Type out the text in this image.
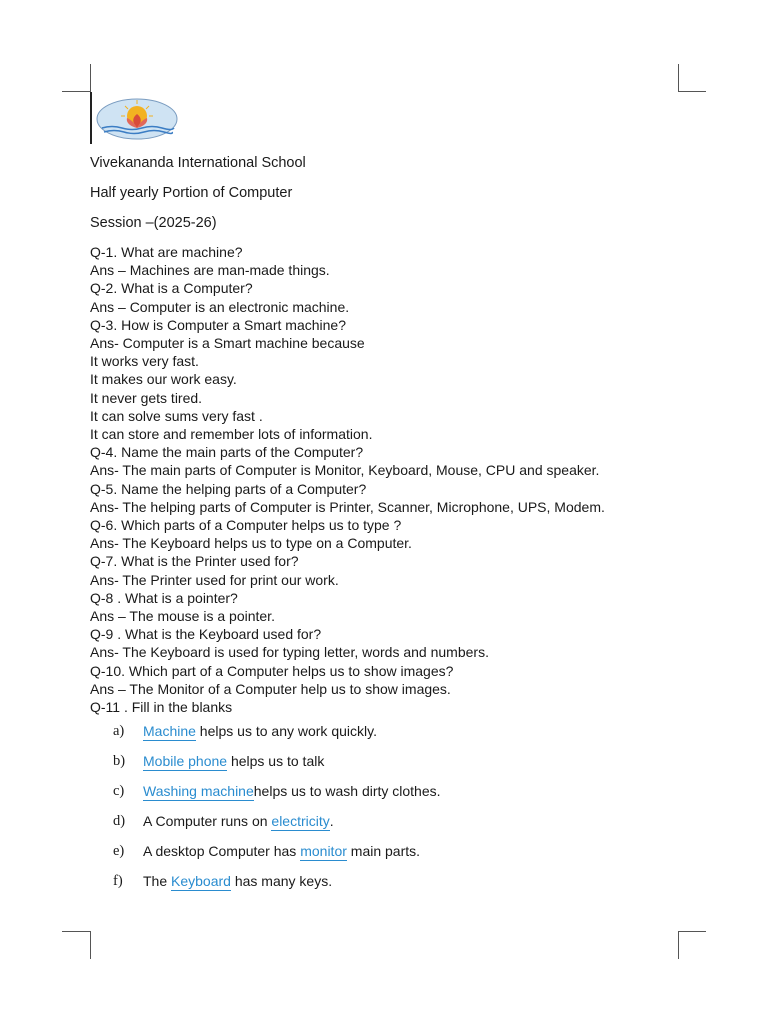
Vivekananda International School
Half yearly Portion of Computer
Session –(2025-26)
Q-1. What are machine?
Ans – Machines are man-made things.
Q-2. What is a Computer?
Ans – Computer is an electronic machine.
Q-3. How is Computer a Smart machine?
Ans- Computer is a Smart machine because
It works very fast.
It makes our work easy.
It never gets tired.
It can solve sums very fast .
It can store and remember lots of information.
Q-4. Name the main parts of the Computer?
Ans- The main parts of Computer is Monitor, Keyboard, Mouse, CPU and speaker.
Q-5. Name the helping parts of a Computer?
Ans- The helping parts of Computer is Printer, Scanner, Microphone, UPS, Modem.
Q-6. Which parts of a Computer helps us to type ?
Ans- The Keyboard helps us to type on a Computer.
Q-7. What is the Printer used for?
Ans- The Printer used for print our work.
Q-8 . What is a pointer?
Ans – The mouse is a pointer.
Q-9 . What is the Keyboard used for?
Ans- The Keyboard is used for typing letter, words and numbers.
Q-10. Which part of a Computer helps us to show images?
Ans – The Monitor of a Computer help us to show images.
Q-11 . Fill in the blanks
a) Machine helps us to any work quickly.
b) Mobile phone helps us to talk
c) Washing machinehelps us to wash dirty clothes.
d) A Computer runs on electricity.
e) A desktop Computer has monitor main parts.
f) The Keyboard has many keys.
